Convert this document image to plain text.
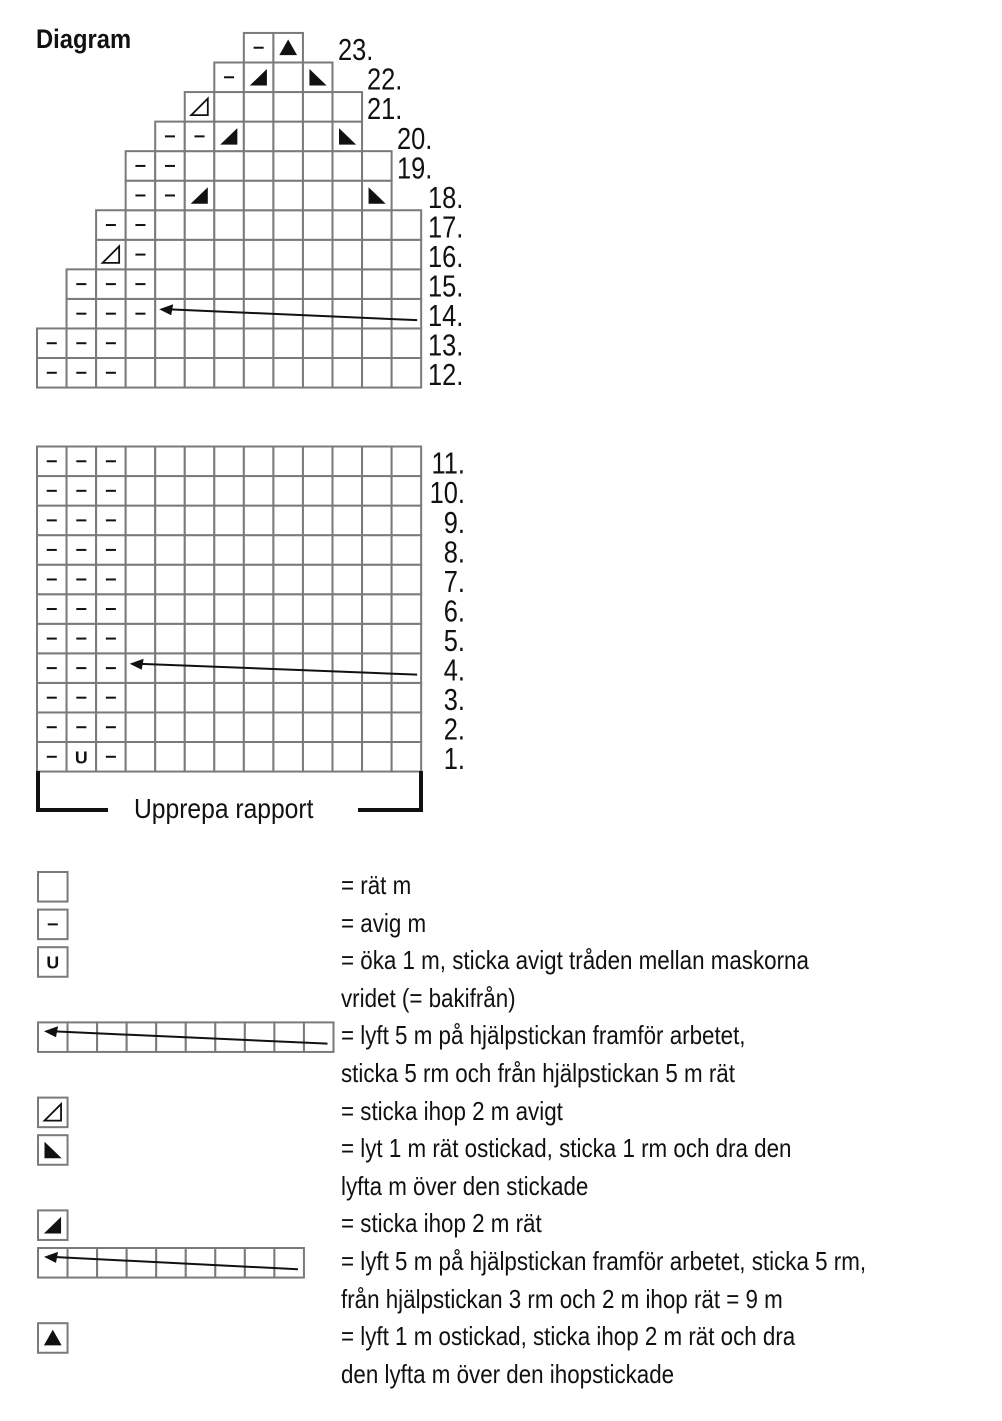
Diagram
12.
13.
14.
15.
16.
17.
18.
19.
20.
21.
22.
23.
U	1.
2.
3.
4.
5.
6.
7.
8.
9.
10.
11.
U
Upprepa rapport
= rät m
= avig m
= öka 1 m, sticka avigt tråden mellan maskorna
vridet (= bakifrån)
= lyft 5 m på hjälpstickan framför arbetet,
sticka 5 rm och från hjälpstickan 5 m rät
= sticka ihop 2 m avigt
= lyt 1 m rät ostickad, sticka 1 rm och dra den
lyfta m över den stickade
= sticka ihop 2 m rät
= lyft 5 m på hjälpstickan framför arbetet, sticka 5 rm,
från hjälpstickan 3 rm och 2 m ihop rät = 9 m
= lyft 1 m ostickad, sticka ihop 2 m rät och dra
den lyfta m över den ihopstickade
